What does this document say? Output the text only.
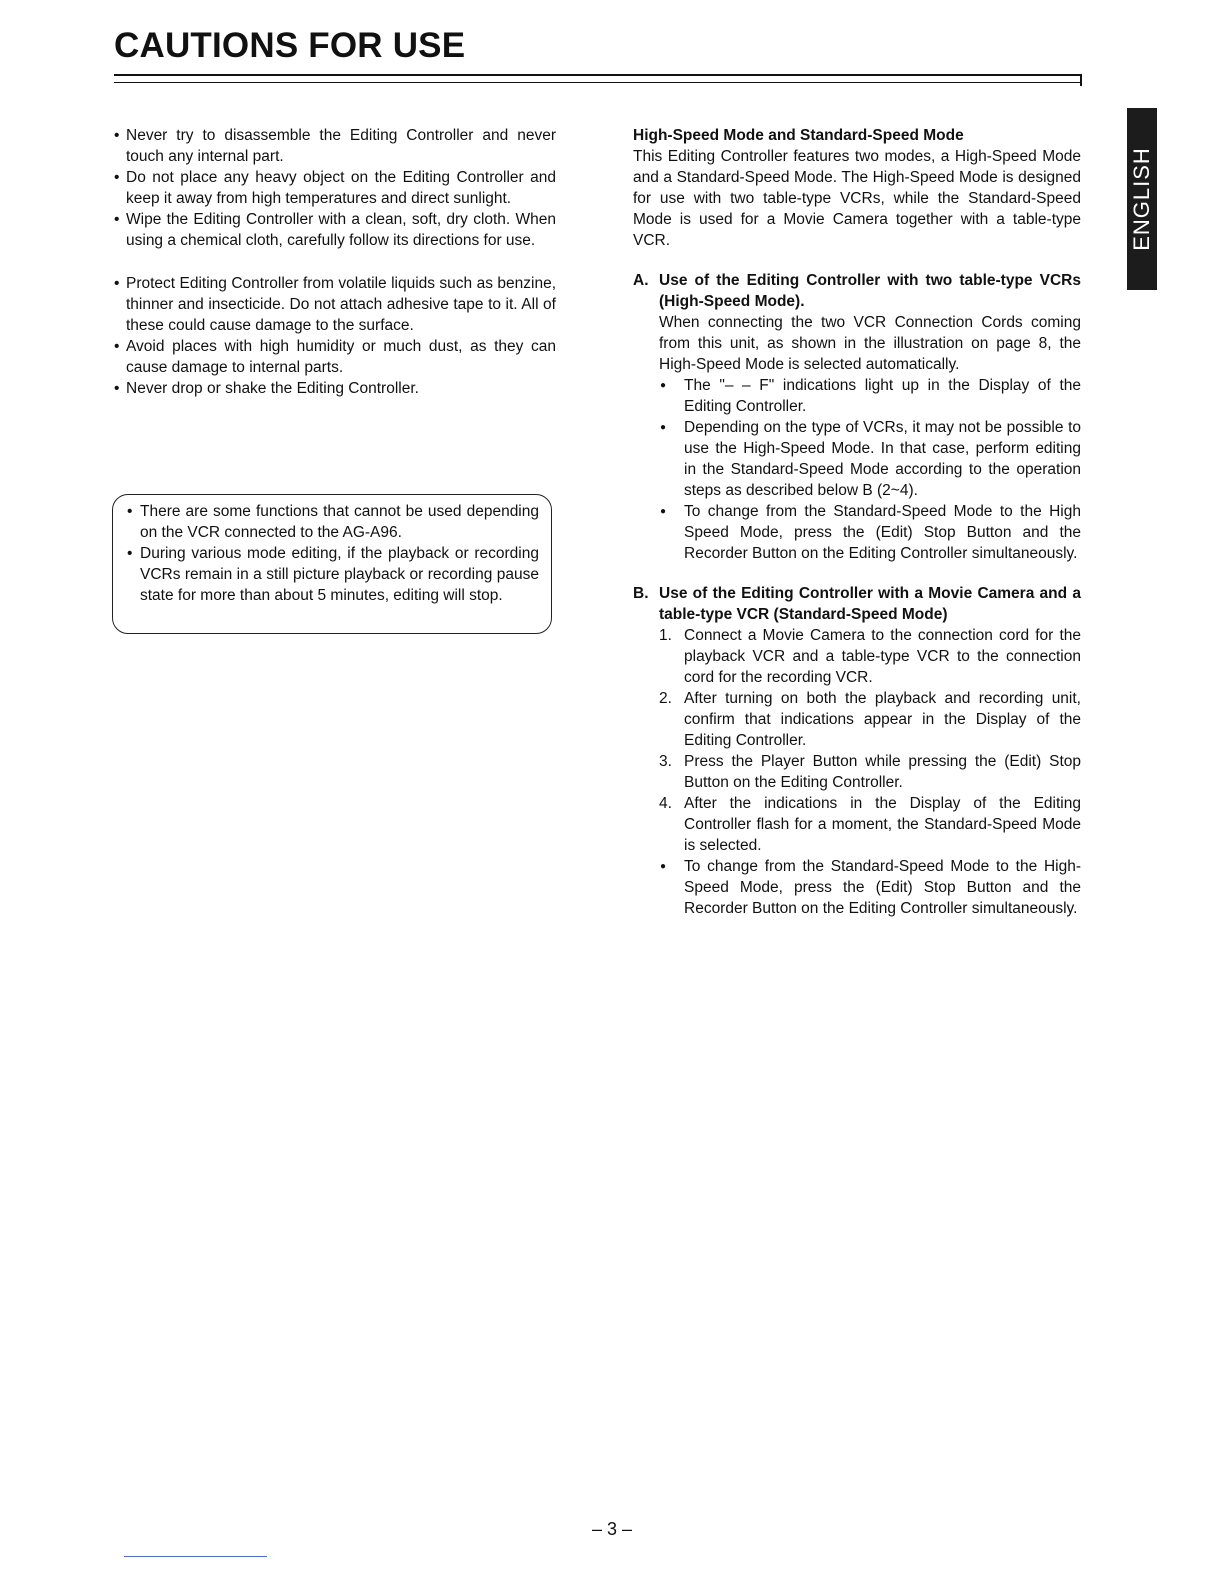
CAUTIONS FOR USE
ENGLISH
• Never try to disassemble the Editing Controller and never touch any internal part.
• Do not place any heavy object on the Editing Controller and keep it away from high temperatures and direct sunlight.
• Wipe the Editing Controller with a clean, soft, dry cloth. When using a chemical cloth, carefully follow its directions for use.
• Protect Editing Controller from volatile liquids such as benzine, thinner and insecticide. Do not attach adhesive tape to it. All of these could cause damage to the surface.
• Avoid places with high humidity or much dust, as they can cause damage to internal parts.
• Never drop or shake the Editing Controller.
• There are some functions that cannot be used depending on the VCR connected to the AG-A96.
• During various mode editing, if the playback or recording VCRs remain in a still picture playback or recording pause state for more than about 5 minutes, editing will stop.

High-Speed Mode and Standard-Speed Mode

This Editing Controller features two modes, a High-Speed Mode and a Standard-Speed Mode. The High-Speed Mode is designed for use with two table-type VCRs, while the Standard-Speed Mode is used for a Movie Camera together with a table-type VCR.

A. Use of the Editing Controller with two table-type VCRs (High-Speed Mode).

When connecting the two VCR Connection Cords coming from this unit, as shown in the illustration on page 8, the High-Speed Mode is selected automatically.
● The "– – F" indications light up in the Display of the Editing Controller.
● Depending on the type of VCRs, it may not be possible to use the High-Speed Mode. In that case, perform editing in the Standard-Speed Mode according to the operation steps as described below B (2~4).
● To change from the Standard-Speed Mode to the High Speed Mode, press the (Edit) Stop Button and the Recorder Button on the Editing Controller simultaneously.

B. Use of the Editing Controller with a Movie Camera and a table-type VCR (Standard-Speed Mode)

1. Connect a Movie Camera to the connection cord for the playback VCR and a table-type VCR to the connection cord for the recording VCR.
2. After turning on both the playback and recording unit, confirm that indications appear in the Display of the Editing Controller.
3. Press the Player Button while pressing the (Edit) Stop Button on the Editing Controller.
4. After the indications in the Display of the Editing Controller flash for a moment, the Standard-Speed Mode is selected.
● To change from the Standard-Speed Mode to the High-Speed Mode, press the (Edit) Stop Button and the Recorder Button on the Editing Controller simultaneously.
– 3 –
